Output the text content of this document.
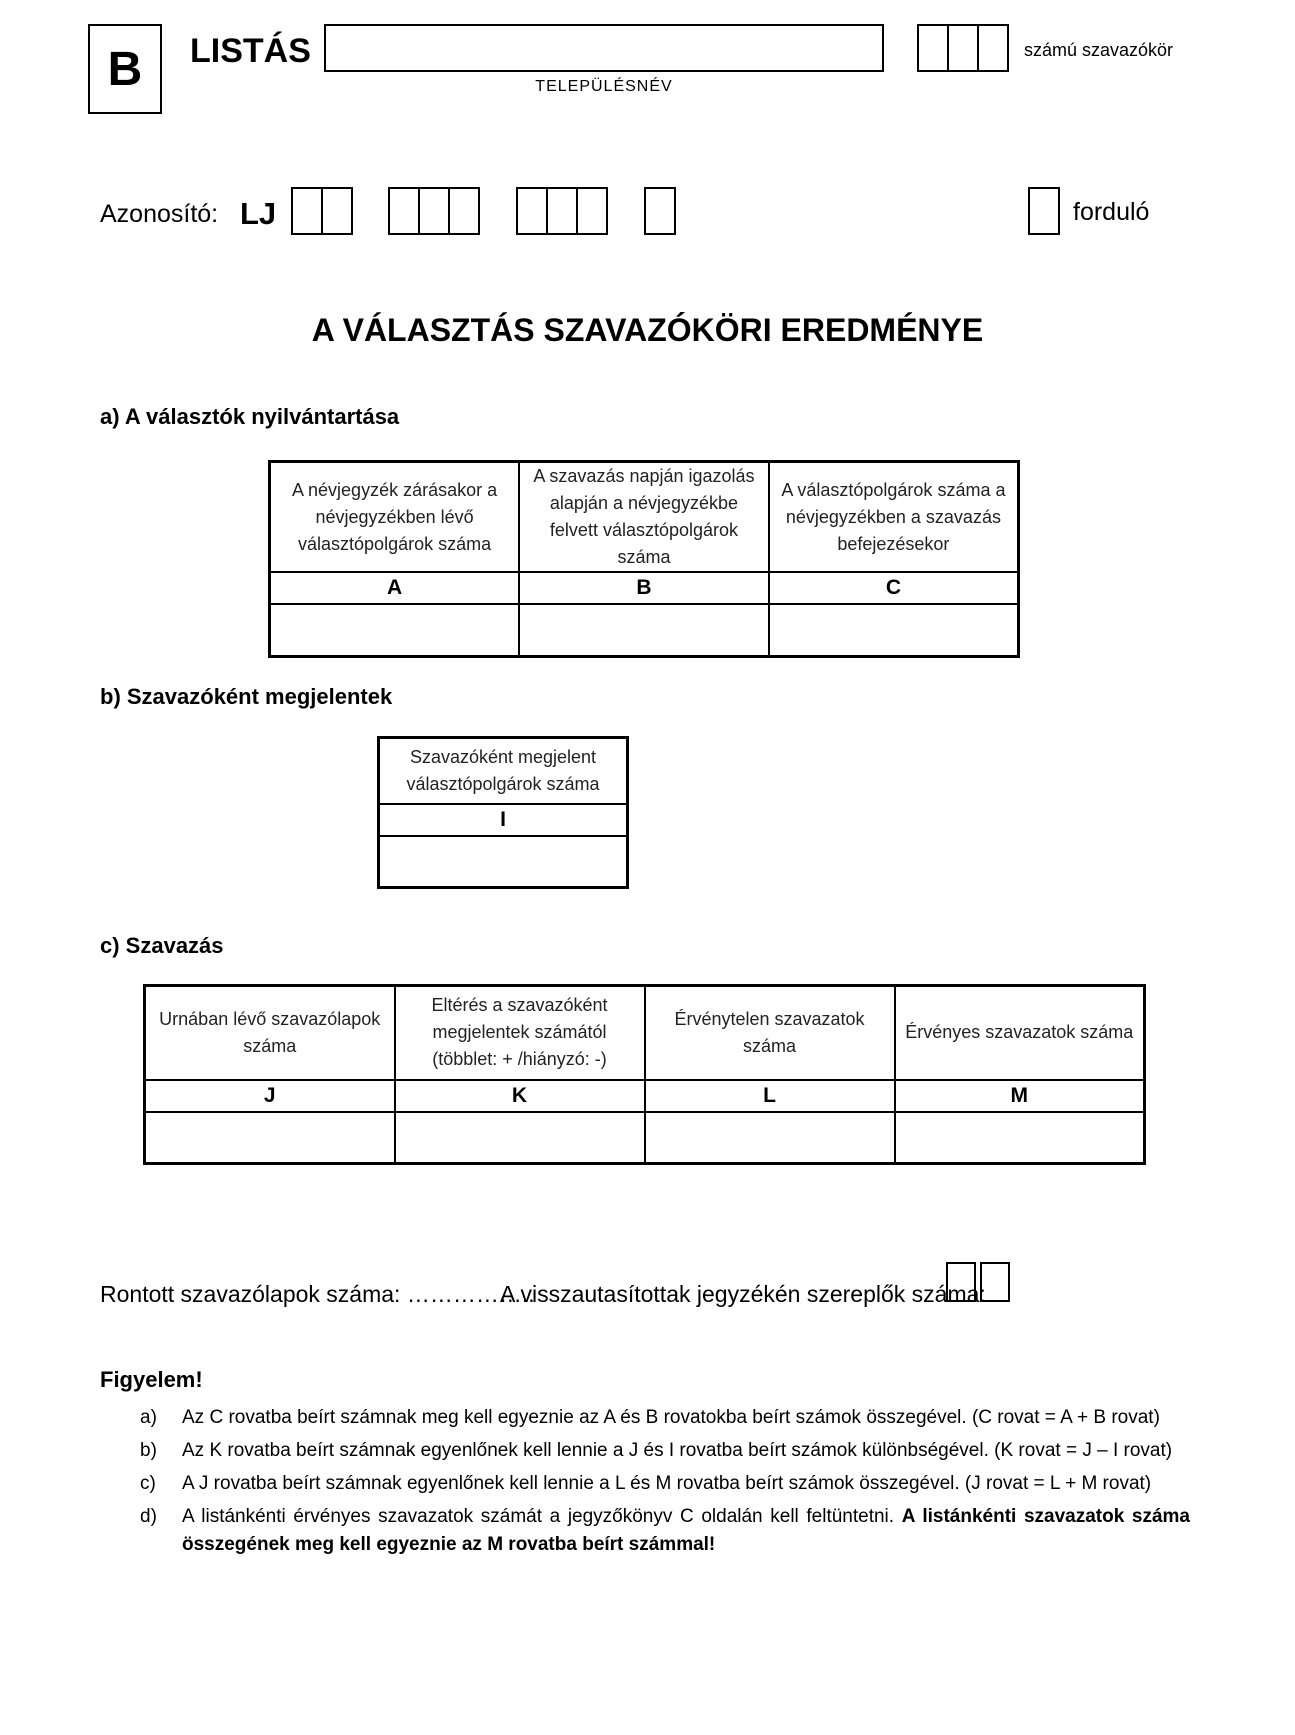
B LISTÁS
TELEPÜLÉSNÉV
számú szavazókör
Azonosító: LJ	forduló
A VÁLASZTÁS SZAVAZÓKÖRI EREDMÉNYE
a) A választók nyilvántartása
A névjegyzék zárásakor a névjegyzékben lévő választópolgárok száma	A szavazás napján igazolás alapján a névjegyzékbe felvett választópolgárok száma	A választópolgárok száma a névjegyzékben a szavazás befejezésekor
A	B	C

b) Szavazóként megjelentek
Szavazóként megjelent választópolgárok száma
I

c) Szavazás
Urnában lévő szavazólapok száma	Eltérés a szavazóként megjelentek számától (többlet: + /hiányzó: -)	Érvénytelen szavazatok száma	Érvényes szavazatok száma
J	K	L	M

Rontott szavazólapok száma: ……………..
A visszautasítottak jegyzékén szereplők száma:
Figyelem!
a)	Az C rovatba beírt számnak meg kell egyeznie az A és B rovatokba beírt számok összegével. (C rovat = A + B rovat)
b)	Az K rovatba beírt számnak egyenlőnek kell lennie a J és I rovatba beírt számok különbségével. (K rovat = J – I rovat)
c)	A J rovatba beírt számnak egyenlőnek kell lennie a L és M rovatba beírt számok összegével. (J rovat = L + M rovat)
d)	A listánkénti érvényes szavazatok számát a jegyzőkönyv C oldalán kell feltüntetni. A listánkénti szavazatok száma összegének meg kell egyeznie az M rovatba beírt számmal!
